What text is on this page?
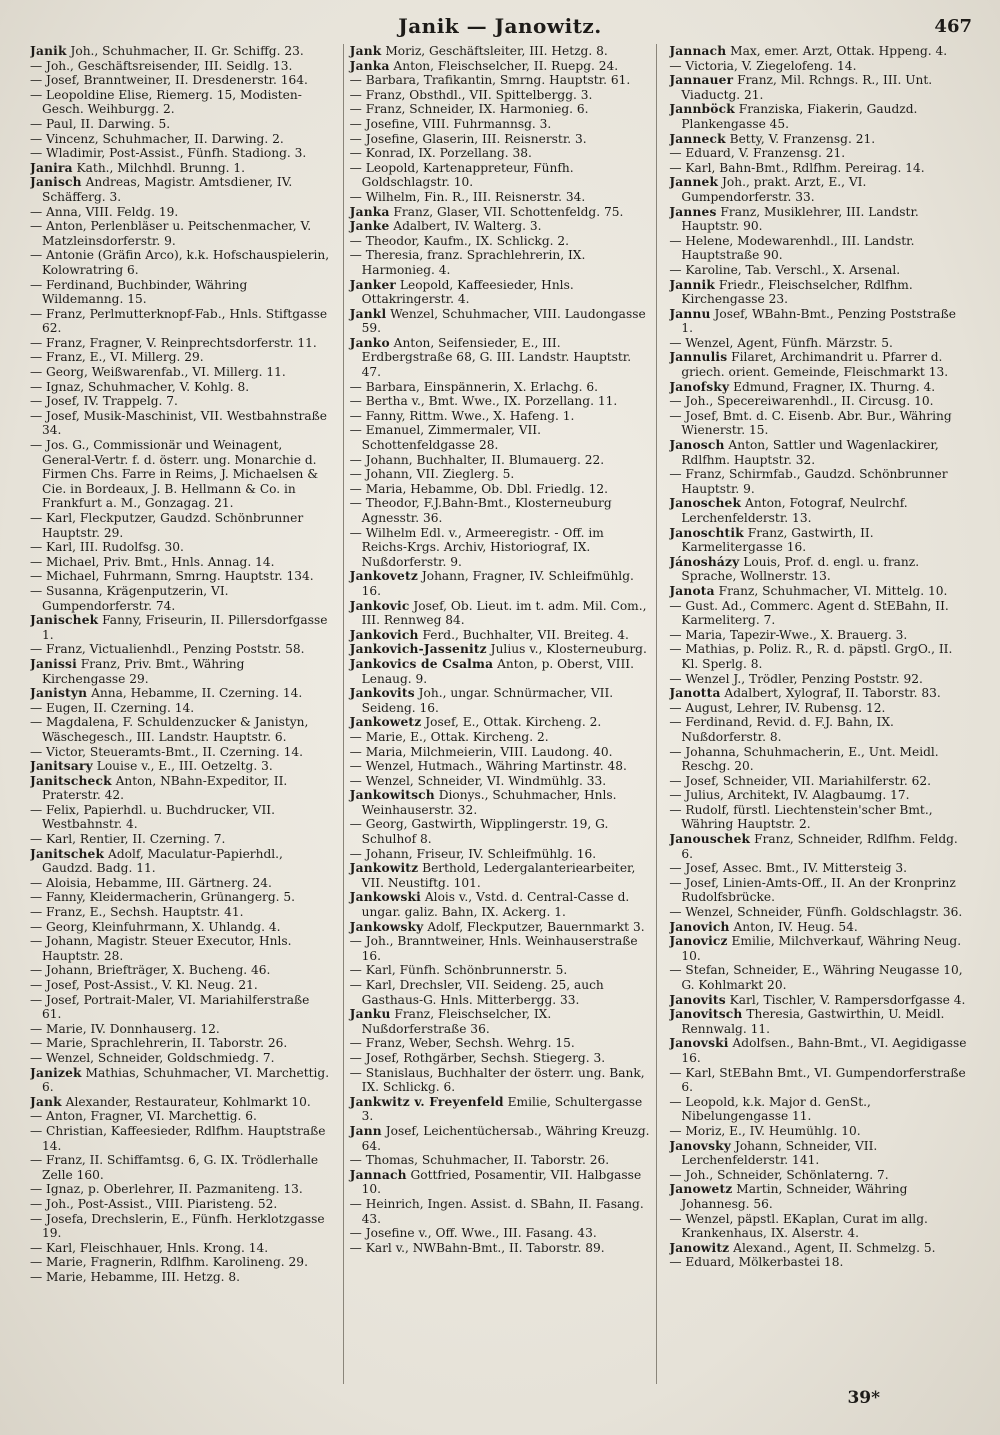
Janik — Janowitz.	467

Janik Joh., Schuhmacher, II. Gr. Schiffg. 23.

— Joh., Geschäftsreisender, III. Seidlg. 13.

— Josef, Branntweiner, II. Dresdenerstr. 164.

— Leopoldine Elise, Riemerg. 15, Modisten-Gesch. Weihburgg. 2.

— Paul, II. Darwing. 5.

— Vincenz, Schuhmacher, II. Darwing. 2.

— Wladimir, Post-Assist., Fünfh. Stadiong. 3.

Janira Kath., Milchhdl. Brunng. 1.

Janisch Andreas, Magistr. Amtsdiener, IV. Schäfferg. 3.

— Anna, VIII. Feldg. 19.

— Anton, Perlenbläser u. Peitschenmacher, V. Matzleinsdorferstr. 9.

— Antonie (Gräfin Arco), k.k. Hofschauspielerin, Kolowratring 6.

— Ferdinand, Buchbinder, Währing Wildemanng. 15.

— Franz, Perlmutterknopf-Fab., Hnls. Stiftgasse 62.

— Franz, Fragner, V. Reinprechtsdorferstr. 11.

— Franz, E., VI. Millerg. 29.

— Georg, Weißwarenfab., VI. Millerg. 11.

— Ignaz, Schuhmacher, V. Kohlg. 8.

— Josef, IV. Trappelg. 7.

— Josef, Musik-Maschinist, VII. Westbahnstraße 34.

— Jos. G., Commissionär und Weinagent, General-Vertr. f. d. österr. ung. Monarchie d. Firmen Chs. Farre in Reims, J. Michaelsen & Cie. in Bordeaux, J. B. Hellmann & Co. in Frankfurt a. M., Gonzagag. 21.

— Karl, Fleckputzer, Gaudzd. Schönbrunner Hauptstr. 29.

— Karl, III. Rudolfsg. 30.

— Michael, Priv. Bmt., Hnls. Annag. 14.

— Michael, Fuhrmann, Smrng. Hauptstr. 134.

— Susanna, Krägenputzerin, VI. Gumpendorferstr. 74.

Janischek Fanny, Friseurin, II. Pillersdorfgasse 1.

— Franz, Victualienhdl., Penzing Poststr. 58.

Janissi Franz, Priv. Bmt., Währing Kirchengasse 29.

Janistyn Anna, Hebamme, II. Czerning. 14.

— Eugen, II. Czerning. 14.

— Magdalena, F. Schuldenzucker & Janistyn, Wäschegesch., III. Landstr. Hauptstr. 6.

— Victor, Steueramts-Bmt., II. Czerning. 14.

Janitsary Louise v., E., III. Oetzeltg. 3.

Janitscheck Anton, NBahn-Expeditor, II. Praterstr. 42.

— Felix, Papierhdl. u. Buchdrucker, VII. Westbahnstr. 4.

— Karl, Rentier, II. Czerning. 7.

Janitschek Adolf, Maculatur-Papierhdl., Gaudzd. Badg. 11.

— Aloisia, Hebamme, III. Gärtnerg. 24.

— Fanny, Kleidermacherin, Grünangerg. 5.

— Franz, E., Sechsh. Hauptstr. 41.

— Georg, Kleinfuhrmann, X. Uhlandg. 4.

— Johann, Magistr. Steuer Executor, Hnls. Hauptstr. 28.

— Johann, Briefträger, X. Bucheng. 46.

— Josef, Post-Assist., V. Kl. Neug. 21.

— Josef, Portrait-Maler, VI. Mariahilferstraße 61.

— Marie, IV. Donnhauserg. 12.

— Marie, Sprachlehrerin, II. Taborstr. 26.

— Wenzel, Schneider, Goldschmiedg. 7.

Janizek Mathias, Schuhmacher, VI. Marchettig. 6.

Jank Alexander, Restaurateur, Kohlmarkt 10.

— Anton, Fragner, VI. Marchettig. 6.

— Christian, Kaffeesieder, Rdlfhm. Hauptstraße 14.

— Franz, II. Schiffamtsg. 6, G. IX. Trödlerhalle Zelle 160.

— Ignaz, p. Oberlehrer, II. Pazmaniteng. 13.

— Joh., Post-Assist., VIII. Piaristeng. 52.

— Josefa, Drechslerin, E., Fünfh. Herklotzgasse 19.

— Karl, Fleischhauer, Hnls. Krong. 14.

— Marie, Fragnerin, Rdlfhm. Karolineng. 29.

— Marie, Hebamme, III. Hetzg. 8.

Jank Moriz, Geschäftsleiter, III. Hetzg. 8.

Janka Anton, Fleischselcher, II. Ruepg. 24.

— Barbara, Trafikantin, Smrng. Hauptstr. 61.

— Franz, Obsthdl., VII. Spittelbergg. 3.

— Franz, Schneider, IX. Harmonieg. 6.

— Josefine, VIII. Fuhrmannsg. 3.

— Josefine, Glaserin, III. Reisnerstr. 3.

— Konrad, IX. Porzellang. 38.

— Leopold, Kartenappreteur, Fünfh. Goldschlagstr. 10.

— Wilhelm, Fin. R., III. Reisnerstr. 34.

Janka Franz, Glaser, VII. Schottenfeldg. 75.

Janke Adalbert, IV. Walterg. 3.

— Theodor, Kaufm., IX. Schlickg. 2.

— Theresia, franz. Sprachlehrerin, IX. Harmonieg. 4.

Janker Leopold, Kaffeesieder, Hnls. Ottakringerstr. 4.

Jankl Wenzel, Schuhmacher, VIII. Laudongasse 59.

Janko Anton, Seifensieder, E., III. Erdbergstraße 68, G. III. Landstr. Hauptstr. 47.

— Barbara, Einspännerin, X. Erlachg. 6.

— Bertha v., Bmt. Wwe., IX. Porzellang. 11.

— Fanny, Rittm. Wwe., X. Hafeng. 1.

— Emanuel, Zimmermaler, VII. Schottenfeldgasse 28.

— Johann, Buchhalter, II. Blumauerg. 22.

— Johann, VII. Zieglerg. 5.

— Maria, Hebamme, Ob. Dbl. Friedlg. 12.

— Theodor, F.J.Bahn-Bmt., Klosterneuburg Agnesstr. 36.

— Wilhelm Edl. v., Armeeregistr. - Off. im Reichs-Krgs. Archiv, Historiograf, IX. Nußdorferstr. 9.

Jankovetz Johann, Fragner, IV. Schleifmühlg. 16.

Jankovic Josef, Ob. Lieut. im t. adm. Mil. Com., III. Rennweg 84.

Jankovich Ferd., Buchhalter, VII. Breiteg. 4.

Jankovich-Jassenitz Julius v., Klosterneuburg.

Jankovics de Csalma Anton, p. Oberst, VIII. Lenaug. 9.

Jankovits Joh., ungar. Schnürmacher, VII. Seideng. 16.

Jankowetz Josef, E., Ottak. Kircheng. 2.

— Marie, E., Ottak. Kircheng. 2.

— Maria, Milchmeierin, VIII. Laudong. 40.

— Wenzel, Hutmach., Währing Martinstr. 48.

— Wenzel, Schneider, VI. Windmühlg. 33.

Jankowitsch Dionys., Schuhmacher, Hnls. Weinhauserstr. 32.

— Georg, Gastwirth, Wipplingerstr. 19, G. Schulhof 8.

— Johann, Friseur, IV. Schleifmühlg. 16.

Jankowitz Berthold, Ledergalanteriearbeiter, VII. Neustiftg. 101.

Jankowski Alois v., Vstd. d. Central-Casse d. ungar. galiz. Bahn, IX. Ackerg. 1.

Jankowsky Adolf, Fleckputzer, Bauernmarkt 3.

— Joh., Branntweiner, Hnls. Weinhauserstraße 16.

— Karl, Fünfh. Schönbrunnerstr. 5.

— Karl, Drechsler, VII. Seideng. 25, auch Gasthaus-G. Hnls. Mitterbergg. 33.

Janku Franz, Fleischselcher, IX. Nußdorferstraße 36.

— Franz, Weber, Sechsh. Wehrg. 15.

— Josef, Rothgärber, Sechsh. Stiegerg. 3.

— Stanislaus, Buchhalter der österr. ung. Bank, IX. Schlickg. 6.

Jankwitz v. Freyenfeld Emilie, Schultergasse 3.

Jann Josef, Leichentüchersab., Währing Kreuzg. 64.

— Thomas, Schuhmacher, II. Taborstr. 26.

Jannach Gottfried, Posamentir, VII. Halbgasse 10.

— Heinrich, Ingen. Assist. d. SBahn, II. Fasang. 43.

— Josefine v., Off. Wwe., III. Fasang. 43.

— Karl v., NWBahn-Bmt., II. Taborstr. 89.

Jannach Max, emer. Arzt, Ottak. Hppeng. 4.

— Victoria, V. Ziegelofeng. 14.

Jannauer Franz, Mil. Rchngs. R., III. Unt. Viaductg. 21.

Jannböck Franziska, Fiakerin, Gaudzd. Plankengasse 45.

Janneck Betty, V. Franzensg. 21.

— Eduard, V. Franzensg. 21.

— Karl, Bahn-Bmt., Rdlfhm. Pereirag. 14.

Jannek Joh., prakt. Arzt, E., VI. Gumpendorferstr. 33.

Jannes Franz, Musiklehrer, III. Landstr. Hauptstr. 90.

— Helene, Modewarenhdl., III. Landstr. Hauptstraße 90.

— Karoline, Tab. Verschl., X. Arsenal.

Jannik Friedr., Fleischselcher, Rdlfhm. Kirchengasse 23.

Jannu Josef, WBahn-Bmt., Penzing Poststraße 1.

— Wenzel, Agent, Fünfh. Märzstr. 5.

Jannulis Filaret, Archimandrit u. Pfarrer d. griech. orient. Gemeinde, Fleischmarkt 13.

Janofsky Edmund, Fragner, IX. Thurng. 4.

— Joh., Specereiwarenhdl., II. Circusg. 10.

— Josef, Bmt. d. C. Eisenb. Abr. Bur., Währing Wienerstr. 15.

Janosch Anton, Sattler und Wagenlackirer, Rdlfhm. Hauptstr. 32.

— Franz, Schirmfab., Gaudzd. Schönbrunner Hauptstr. 9.

Janoschek Anton, Fotograf, Neulrchf. Lerchenfelderstr. 13.

Janoschtik Franz, Gastwirth, II. Karmelitergasse 16.

Jánosházy Louis, Prof. d. engl. u. franz. Sprache, Wollnerstr. 13.

Janota Franz, Schuhmacher, VI. Mittelg. 10.

— Gust. Ad., Commerc. Agent d. StEBahn, II. Karmeliterg. 7.

— Maria, Tapezir-Wwe., X. Brauerg. 3.

— Mathias, p. Poliz. R., R. d. päpstl. GrgO., II. Kl. Sperlg. 8.

— Wenzel J., Trödler, Penzing Poststr. 92.

Janotta Adalbert, Xylograf, II. Taborstr. 83.

— August, Lehrer, IV. Rubensg. 12.

— Ferdinand, Revid. d. F.J. Bahn, IX. Nußdorferstr. 8.

— Johanna, Schuhmacherin, E., Unt. Meidl. Reschg. 20.

— Josef, Schneider, VII. Mariahilferstr. 62.

— Julius, Architekt, IV. Alagbaumg. 17.

— Rudolf, fürstl. Liechtenstein'scher Bmt., Währing Hauptstr. 2.

Janouschek Franz, Schneider, Rdlfhm. Feldg. 6.

— Josef, Assec. Bmt., IV. Mittersteig 3.

— Josef, Linien-Amts-Off., II. An der Kronprinz Rudolfsbrücke.

— Wenzel, Schneider, Fünfh. Goldschlagstr. 36.

Janovich Anton, IV. Heug. 54.

Janovicz Emilie, Milchverkauf, Währing Neug. 10.

— Stefan, Schneider, E., Währing Neugasse 10, G. Kohlmarkt 20.

Janovits Karl, Tischler, V. Rampersdorfgasse 4.

Janovitsch Theresia, Gastwirthin, U. Meidl. Rennwalg. 11.

Janovski Adolfsen., Bahn-Bmt., VI. Aegidigasse 16.

— Karl, StEBahn Bmt., VI. Gumpendorferstraße 6.

— Leopold, k.k. Major d. GenSt., Nibelungengasse 11.

— Moriz, E., IV. Heumühlg. 10.

Janovsky Johann, Schneider, VII. Lerchenfelderstr. 141.

— Joh., Schneider, Schönlaterng. 7.

Janowetz Martin, Schneider, Währing Johannesg. 56.

— Wenzel, päpstl. EKaplan, Curat im allg. Krankenhaus, IX. Alserstr. 4.

Janowitz Alexand., Agent, II. Schmelzg. 5.

— Eduard, Mölkerbastei 18.

39*
